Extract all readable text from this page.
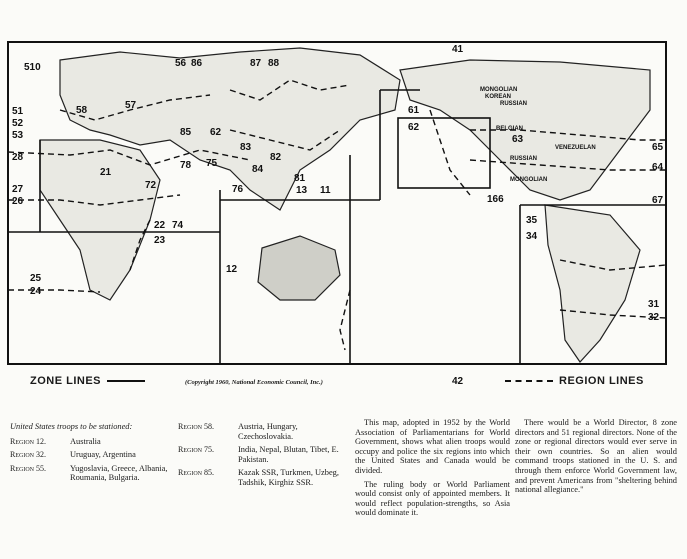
510	56 86	87 88
51
52
53
28
27
26
21
72
22
23
74
25
24
12
13 11
78 75
76
81
84
85 62
83
82
57
58
41
61
62
63
65
64
67
166
35
34
31
32
42
MONGOLIAN
KOREAN
RUSSIAN
BELGIAN
RUSSIAN
VENEZUELAN
MONGOLIAN
ZONE LINES	(Copyright 1960, National Economic Council, Inc.)	REGION LINES
United States troops to be stationed:
Region 12.	Australia
Region 32.	Uruguay, Argentina
Region 55.	Yugoslavia, Greece, Albania, Roumania, Bulgaria.
Region 58.	Austria, Hungary, Czechoslovakia.
Region 75.	India, Nepal, Blutan, Tibet, E. Pakistan.
Region 85.	Kazak SSR, Turkmen, Uzbeg, Tadshik, Kirghiz SSR.

This map, adopted in 1952 by the World Association of Parliamentarians for World Government, shows what alien troops would occupy and police the six regions into which the United States and Canada would be divided.

The ruling body or World Parliament would consist only of appointed members. It would reflect population-strengths, so Asia would dominate it.

There would be a World Director, 8 zone directors and 51 regional directors. None of the zone or regional directors would ever serve in their own countries. So an alien would command troops stationed in the U. S. and through them enforce World Government law, and prevent Americans from "sheltering behind national allegiance."
